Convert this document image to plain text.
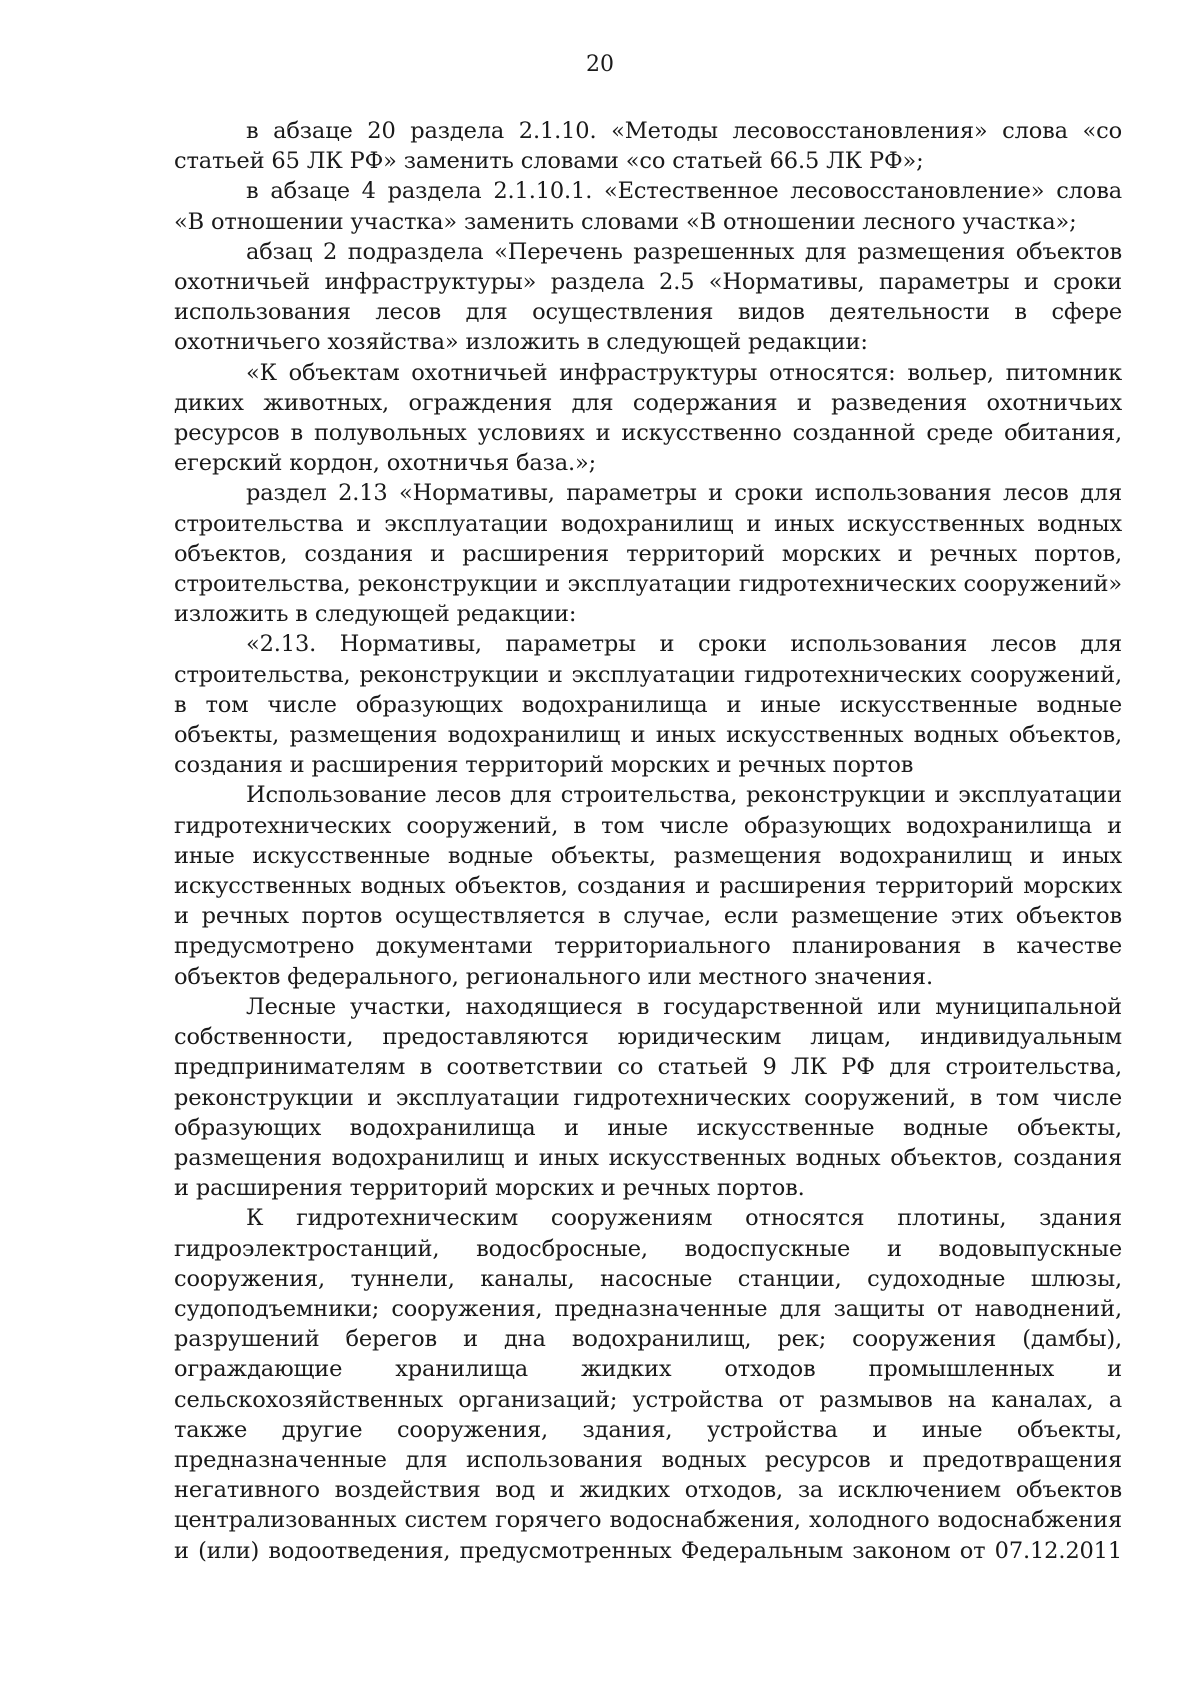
20

в абзаце 20 раздела 2.1.10. «Методы лесовосстановления» слова «со статьей 65 ЛК РФ» заменить словами «со статьей 66.5 ЛК РФ»;

в абзаце 4 раздела 2.1.10.1. «Естественное лесовосстановление» слова «В отношении участка» заменить словами «В отношении лесного участка»;

абзац 2 подраздела «Перечень разрешенных для размещения объектов охотничьей инфраструктуры» раздела 2.5 «Нормативы, параметры и сроки использования лесов для осуществления видов деятельности в сфере охотничьего хозяйства» изложить в следующей редакции:

«К объектам охотничьей инфраструктуры относятся: вольер, питомник диких животных, ограждения для содержания и разведения охотничьих ресурсов в полувольных условиях и искусственно созданной среде обитания, егерский кордон, охотничья база.»;

раздел 2.13 «Нормативы, параметры и сроки использования лесов для строительства и эксплуатации водохранилищ и иных искусственных водных объектов, создания и расширения территорий морских и речных портов, строительства, реконструкции и эксплуатации гидротехнических сооружений» изложить в следующей редакции:

«2.13. Нормативы, параметры и сроки использования лесов для строительства, реконструкции и эксплуатации гидротехнических сооружений, в том числе образующих водохранилища и иные искусственные водные объекты, размещения водохранилищ и иных искусственных водных объектов, создания и расширения территорий морских и речных портов

Использование лесов для строительства, реконструкции и эксплуатации гидротехнических сооружений, в том числе образующих водохранилища и иные искусственные водные объекты, размещения водохранилищ и иных искусственных водных объектов, создания и расширения территорий морских и речных портов осуществляется в случае, если размещение этих объектов предусмотрено документами территориального планирования в качестве объектов федерального, регионального или местного значения.

Лесные участки, находящиеся в государственной или муниципальной собственности, предоставляются юридическим лицам, индивидуальным предпринимателям в соответствии со статьей 9 ЛК РФ для строительства, реконструкции и эксплуатации гидротехнических сооружений, в том числе образующих водохранилища и иные искусственные водные объекты, размещения водохранилищ и иных искусственных водных объектов, создания и расширения территорий морских и речных портов.

К гидротехническим сооружениям относятся плотины, здания гидроэлектростанций, водосбросные, водоспускные и водовыпускные сооружения, туннели, каналы, насосные станции, судоходные шлюзы, судоподъемники; сооружения, предназначенные для защиты от наводнений, разрушений берегов и дна водохранилищ, рек; сооружения (дамбы), ограждающие хранилища жидких отходов промышленных и сельскохозяйственных организаций; устройства от размывов на каналах, а также другие сооружения, здания, устройства и иные объекты, предназначенные для использования водных ресурсов и предотвращения негативного воздействия вод и жидких отходов, за исключением объектов централизованных систем горячего водоснабжения, холодного водоснабжения и (или) водоотведения, предусмотренных Федеральным законом от 07.12.2011
